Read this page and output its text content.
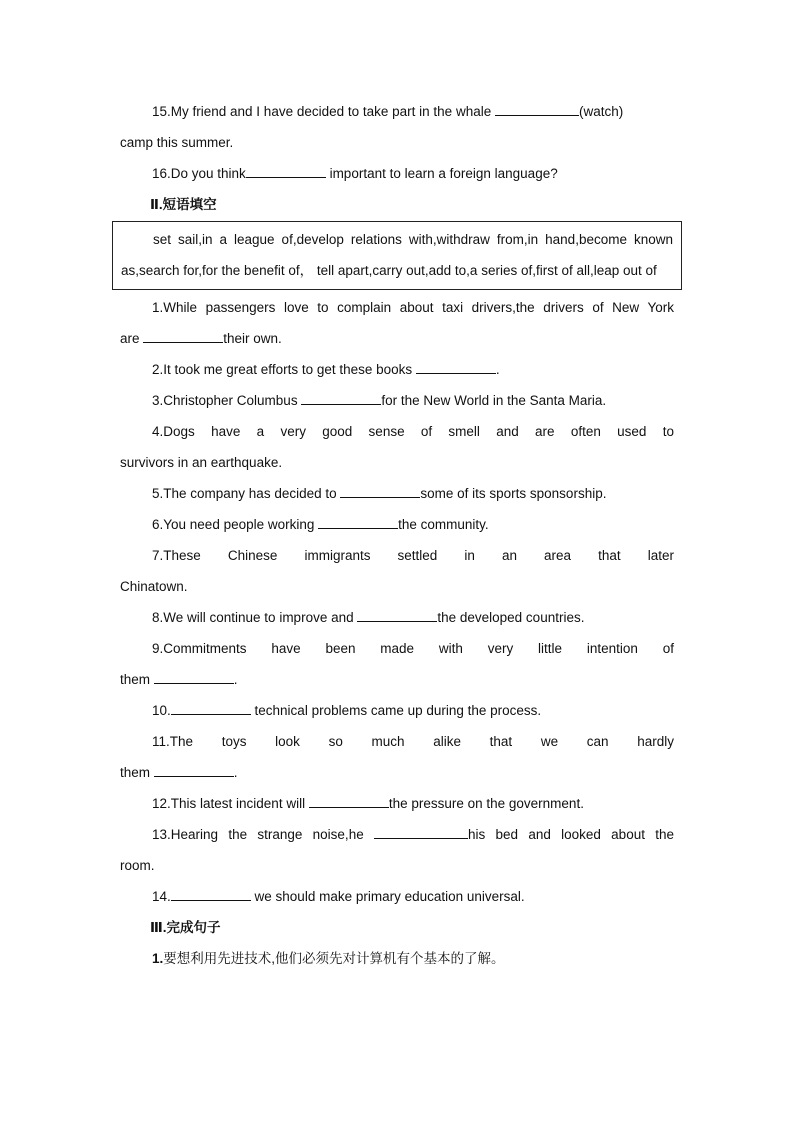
15.My friend and I have decided to take part in the whale	(watch)

camp this summer.

16.Do you think	important to learn a foreign language?

Ⅱ.短语填空

set sail,in a league of,develop relations with,withdraw from,in hand,become known as,search for,for the benefit of， tell apart,carry out,add to,a series of,first of all,leap out of

1.While passengers love to complain about taxi drivers,the drivers of New York

are	their own.

2.It took me great efforts to get these books	.

3.Christopher Columbus	for the New World in the Santa Maria.

4.Dogs have a very good sense of smell and are often used to

survivors in an earthquake.

5.The company has decided to	some of its sports sponsorship.

6.You need people working	the community.

7.These Chinese immigrants settled in an area that later

Chinatown.

8.We will continue to improve and	the developed countries.

9.Commitments have been made with very little intention of

them	.

10.	technical problems came up during the process.

11.The toys look so much alike that we can hardly

them	.

12.This latest incident will	the pressure on the government.

13.Hearing the strange noise,he	his bed and looked about the

room.

14.	we should make primary education universal.

Ⅲ.完成句子

1.要想利用先进技术,他们必须先对计算机有个基本的了解。
